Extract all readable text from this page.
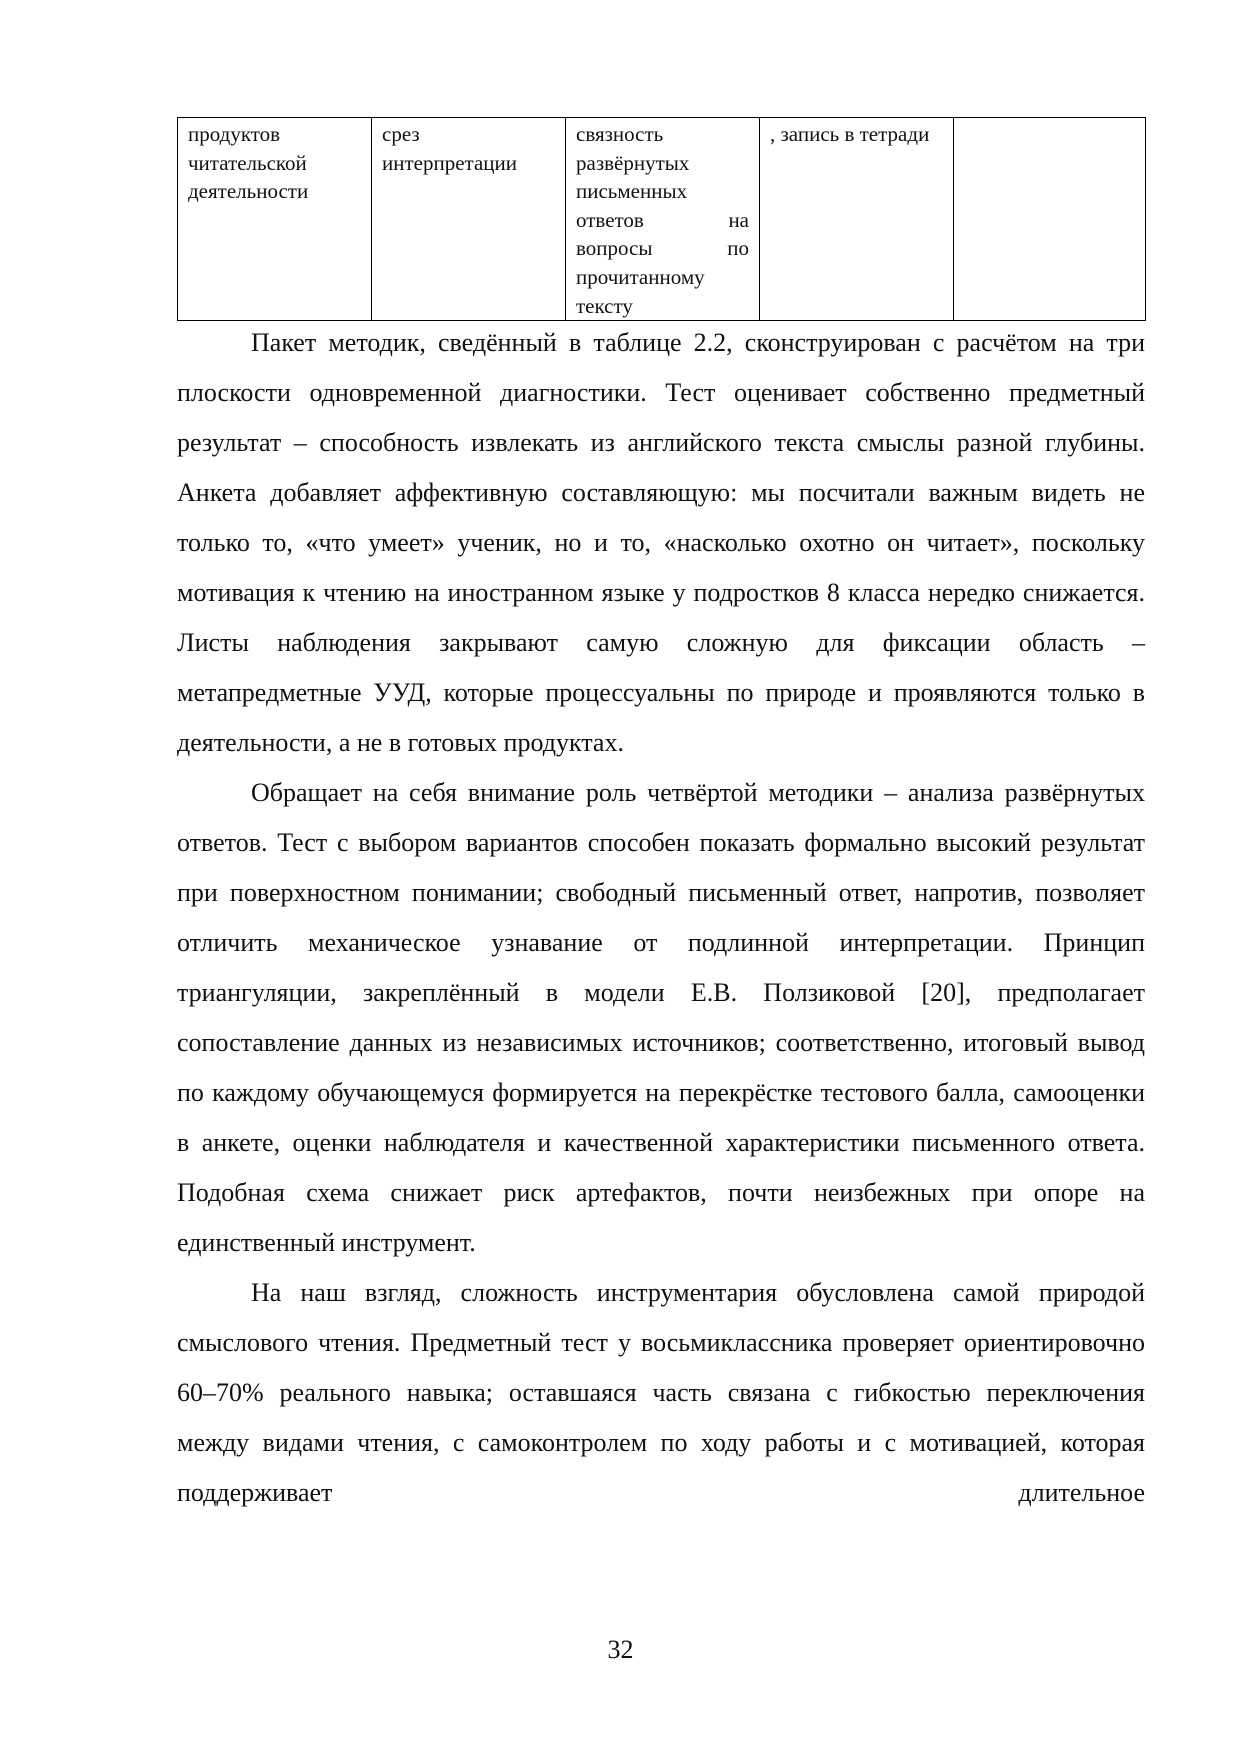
продуктов читательской деятельности	срез интерпретации	связность развёрнутых письменных ответов на вопросы по прочитанному тексту	, запись в тетради	

Пакет методик, сведённый в таблице 2.2, сконструирован с расчётом на три плоскости одновременной диагностики. Тест оценивает собственно предметный результат – способность извлекать из английского текста смыслы разной глубины. Анкета добавляет аффективную составляющую: мы посчитали важным видеть не только то, «что умеет» ученик, но и то, «насколько охотно он читает», поскольку мотивация к чтению на иностранном языке у подростков 8 класса нередко снижается. Листы наблюдения закрывают самую сложную для фиксации область – метапредметные УУД, которые процессуальны по природе и проявляются только в деятельности, а не в готовых продуктах.

Обращает на себя внимание роль четвёртой методики – анализа развёрнутых ответов. Тест с выбором вариантов способен показать формально высокий результат при поверхностном понимании; свободный письменный ответ, напротив, позволяет отличить механическое узнавание от подлинной интерпретации. Принцип триангуляции, закреплённый в модели Е.В. Ползиковой [20], предполагает сопоставление данных из независимых источников; соответственно, итоговый вывод по каждому обучающемуся формируется на перекрёстке тестового балла, самооценки в анкете, оценки наблюдателя и качественной характеристики письменного ответа. Подобная схема снижает риск артефактов, почти неизбежных при опоре на единственный инструмент.

На наш взгляд, сложность инструментария обусловлена самой природой смыслового чтения. Предметный тест у восьмиклассника проверяет ориентировочно 60–70% реального навыка; оставшаяся часть связана с гибкостью переключения между видами чтения, с самоконтролем по ходу работы и с мотивацией, которая поддерживает длительное

32
